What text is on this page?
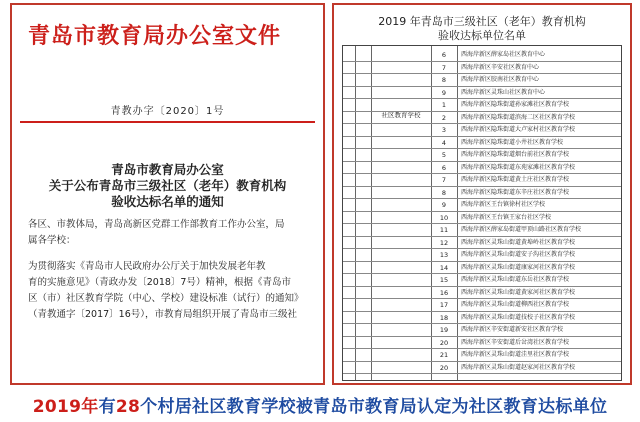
青岛市教育局办公室文件
青教办字〔2020〕1号
青岛市教育局办公室
关于公布青岛市三级社区（老年）教育机构
验收达标名单的通知
各区、市教体局，青岛高新区党群工作部教育工作办公室，局
属各学校：
为贯彻落实《青岛市人民政府办公厅关于加快发展老年教
育的实施意见》（青政办发〔2018〕7号）精神，根据《青岛市
区（市）社区教育学院（中心、学校）建设标准（试行）的通知》
（青教通字〔2017〕16号），市教育局组织开展了青岛市三级社
2019 年青岛市三级社区（老年）教育机构
验收达标单位名单
社区教育学校
6	西海岸新区薛家岛社区教育中心
7	西海岸新区辛安社区教育中心
8	西海岸新区胶南社区教育中心
9	西海岸新区灵珠山社区教育中心
1	西海岸新区隐珠街道孙家滩社区教育学校
2	西海岸新区隐珠街道滨海二区社区教育学校
3	西海岸新区隐珠街道大卢家村社区教育学校
4	西海岸新区隐珠街道小井社区教育学校
5	西海岸新区隐珠街道烟台前社区教育学校
6	西海岸新区隐珠街道东苑家滩社区教育学校
7	西海岸新区隐珠街道黄土庄社区教育学校
8	西海岸新区隐珠街道东辛庄社区教育学校
9	西海岸新区王台镇徐村社区学校
10	西海岸新区王台镇王家台社区学校
11	西海岸新区薛家岛街道甲顶山路社区教育学校
12	西海岸新区灵珠山街道黄埠岭社区教育学校
13	西海岸新区灵珠山街道安子沟社区教育学校
14	西海岸新区灵珠山街道康家河社区教育学校
15	西海岸新区灵珠山街道东岳社区教育学校
16	西海岸新区灵珠山街道黄家河社区教育学校
17	西海岸新区灵珠山街道柳西社区教育学校
18	西海岸新区灵珠山街道技校子社区教育学校
19	西海岸新区辛安街道新安社区教育学校
20	西海岸新区辛安街道后岔湾社区教育学校
21	西海岸新区灵珠山街道洼里社区教育学校
20	西海岸新区灵珠山街道赵家河社区教育学校
2019年有28个村居社区教育学校被青岛市教育局认定为社区教育达标单位
